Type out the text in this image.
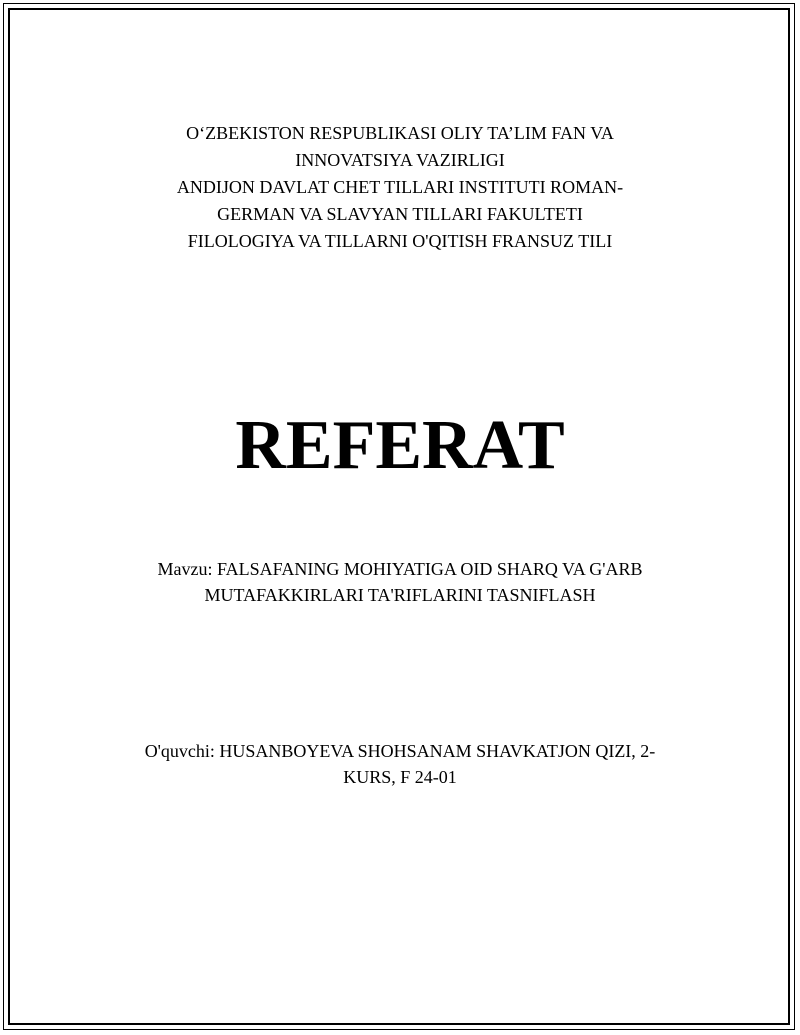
O‘ZBEKISTON RESPUBLIKASI OLIY TA’LIM FAN VA
INNOVATSIYA VAZIRLIGI
ANDIJON DAVLAT CHET TILLARI INSTITUTI ROMAN-
GERMAN VA SLAVYAN TILLARI FAKULTETI
FILOLOGIYA VA TILLARNI O'QITISH FRANSUZ TILI
REFERAT
Mavzu: FALSAFANING MOHIYATIGA OID SHARQ VA G'ARB
MUTAFAKKIRLARI TA'RIFLARINI TASNIFLASH
O'quvchi: HUSANBOYEVA SHOHSANAM SHAVKATJON QIZI, 2-
KURS, F 24-01
